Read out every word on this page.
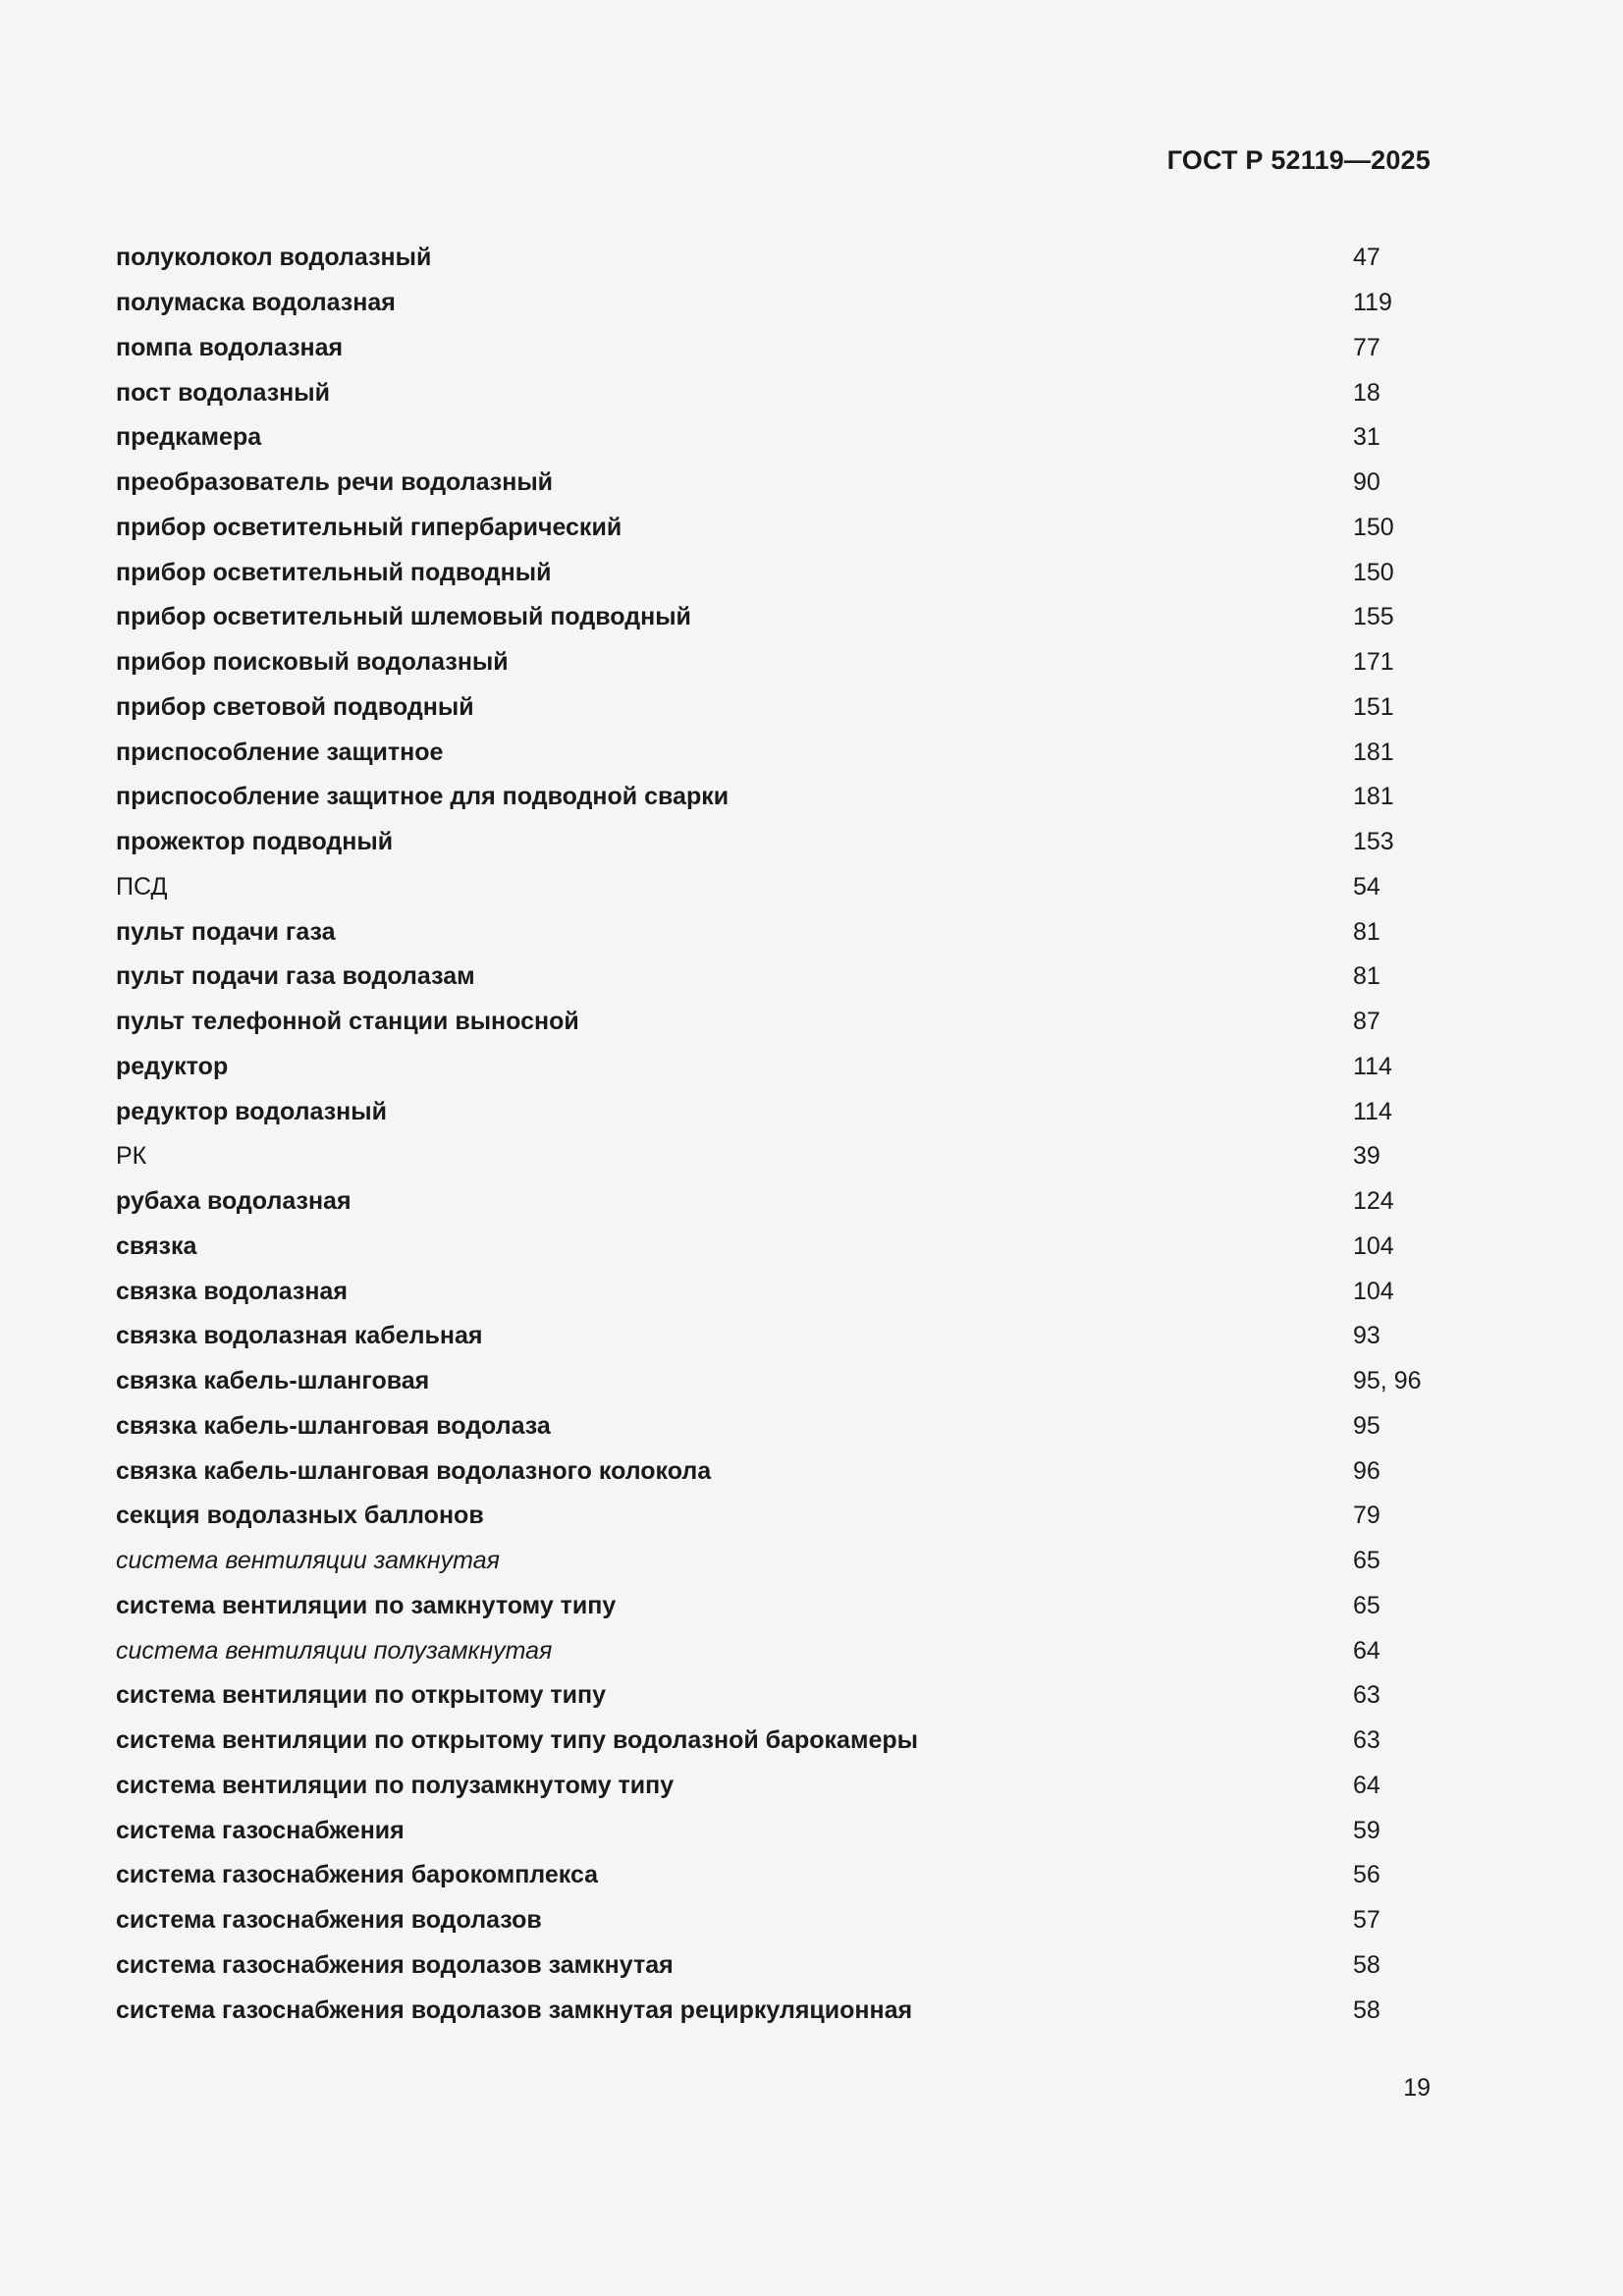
ГОСТ Р 52119—2025
полуколокол водолазный	47
полумаска водолазная	119
помпа водолазная	77
пост водолазный	18
предкамера	31
преобразователь речи водолазный	90
прибор осветительный гипербарический	150
прибор осветительный подводный	150
прибор осветительный шлемовый подводный	155
прибор поисковый водолазный	171
прибор световой подводный	151
приспособление защитное	181
приспособление защитное для подводной сварки	181
прожектор подводный	153
ПСД	54
пульт подачи газа	81
пульт подачи газа водолазам	81
пульт телефонной станции выносной	87
редуктор	114
редуктор водолазный	114
РК	39
рубаха водолазная	124
связка	104
связка водолазная	104
связка водолазная кабельная	93
связка кабель-шланговая	95, 96
связка кабель-шланговая водолаза	95
связка кабель-шланговая водолазного колокола	96
секция водолазных баллонов	79
система вентиляции замкнутая	65
система вентиляции по замкнутому типу	65
система вентиляции полузамкнутая	64
система вентиляции по открытому типу	63
система вентиляции по открытому типу водолазной барокамеры	63
система вентиляции по полузамкнутому типу	64
система газоснабжения	59
система газоснабжения барокомплекса	56
система газоснабжения водолазов	57
система газоснабжения водолазов замкнутая	58
система газоснабжения водолазов замкнутая рециркуляционная	58
19
